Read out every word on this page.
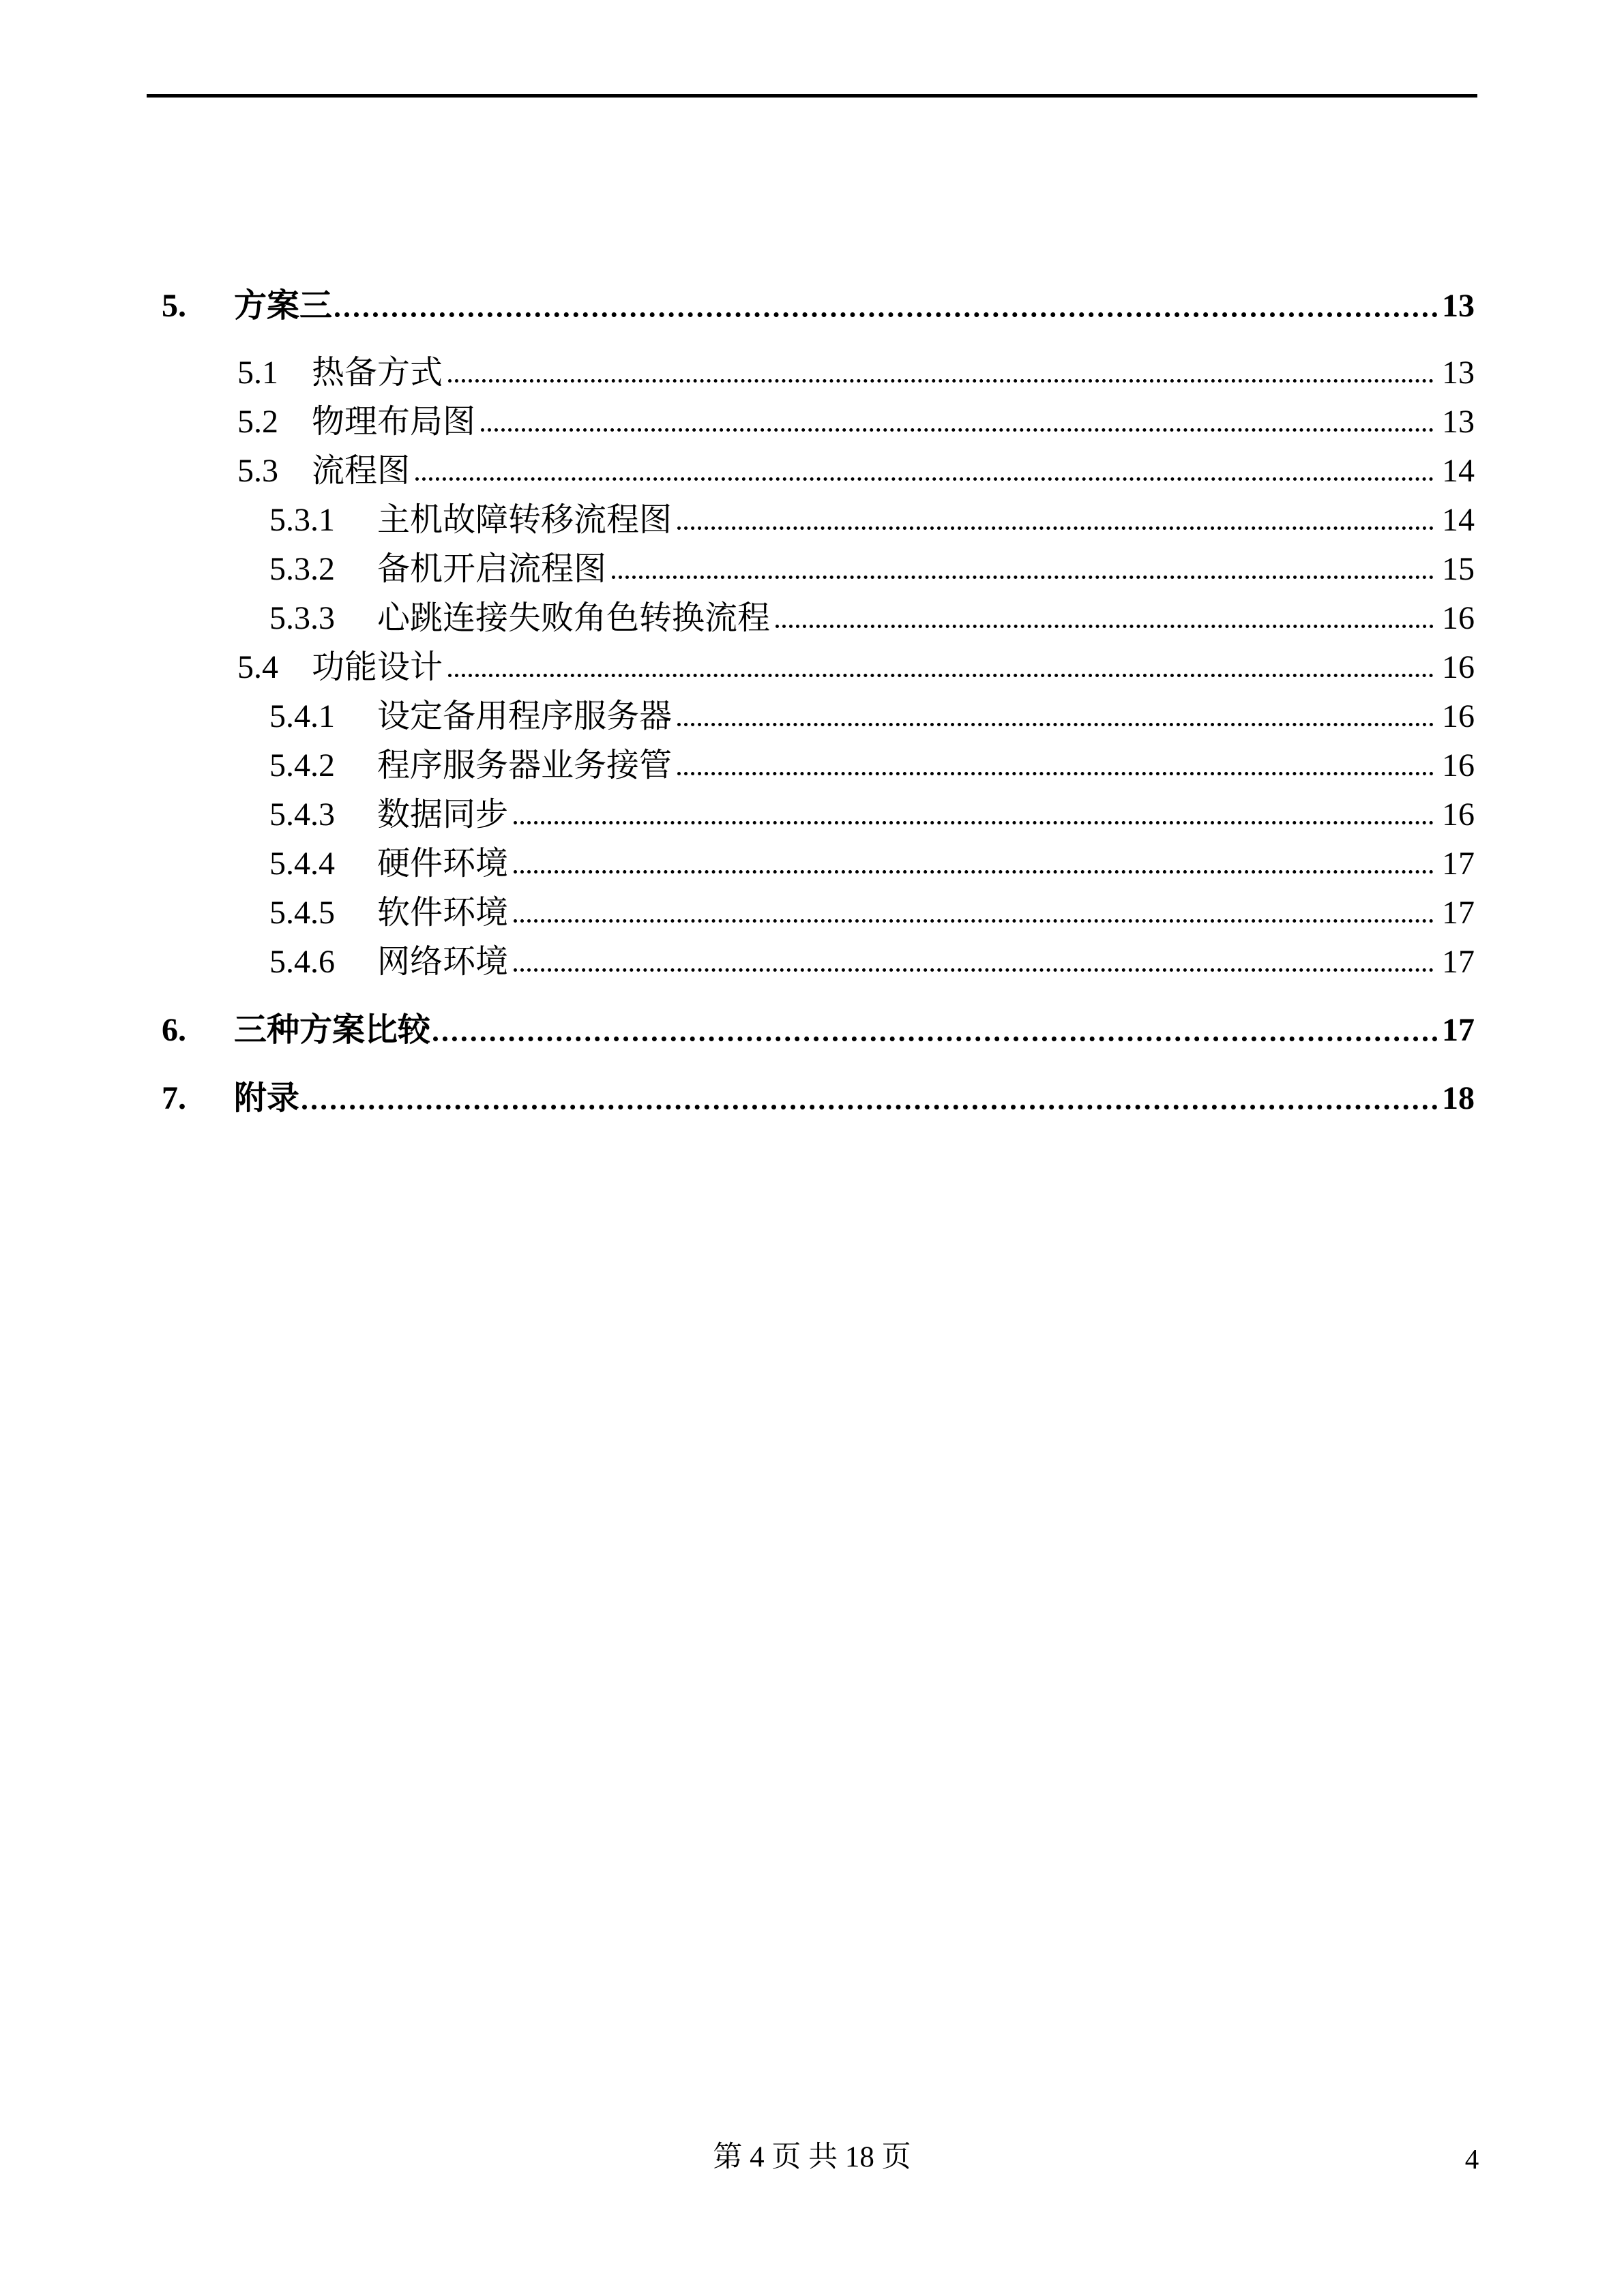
5.	方案三	13
5.1	热备方式	13
5.2	物理布局图	13
5.3	流程图	14
5.3.1	主机故障转移流程图	14
5.3.2	备机开启流程图	15
5.3.3	心跳连接失败角色转换流程	16
5.4	功能设计	16
5.4.1	设定备用程序服务器	16
5.4.2	程序服务器业务接管	16
5.4.3	数据同步	16
5.4.4	硬件环境	17
5.4.5	软件环境	17
5.4.6	网络环境	17
6.	三种方案比较	17
7.	附录	18
第 4 页 共 18 页	4
